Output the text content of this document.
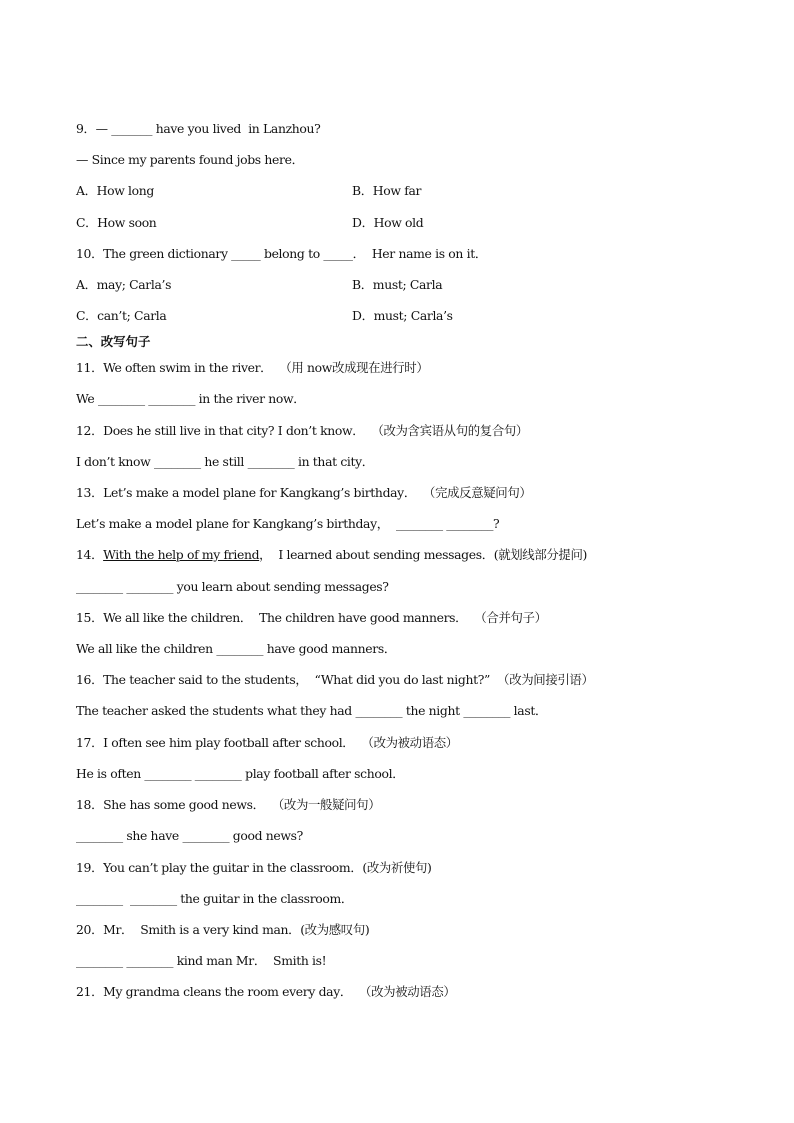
9．— _______ have you lived  in Lanzhou?
— Since my parents found jobs here．
A．How long	B．How far
C．How soon	D．How old
10．The green dictionary _____ belong to _____．  Her name is on it．
A．may; Carla’s	B．must; Carla
C．can’t; Carla	D．must; Carla’s
二、改写句子
11．We often swim in the river．  （用 now改成现在进行时）
We ________ ________ in the river now．
12．Does he still live in that city? I don’t know．  （改为含宾语从句的复合句）
I don’t know ________ he still ________ in that city．
13．Let’s make a model plane for Kangkang’s birthday．  （完成反意疑问句）
Let’s make a model plane for Kangkang’s birthday，  ________ ________?
14．With the help of my friend，  I learned about sending messages．(就划线部分提问)
________ ________ you learn about sending messages?
15．We all like the children．  The children have good manners．  （合并句子）
We all like the children ________ have good manners．
16．The teacher said to the students，  “What did you do last night?”  （改为间接引语）
The teacher asked the students what they had ________ the night ________ last．
17．I often see him play football after school．  （改为被动语态）
He is often ________ ________ play football after school．
18．She has some good news．  （改为一般疑问句）
________ she have ________ good news?
19．You can’t play the guitar in the classroom．(改为祈使句)
________  ________ the guitar in the classroom．
20．Mr．  Smith is a very kind man．(改为感叹句)
________ ________ kind man Mr．  Smith is!
21．My grandma cleans the room every day．  （改为被动语态）
